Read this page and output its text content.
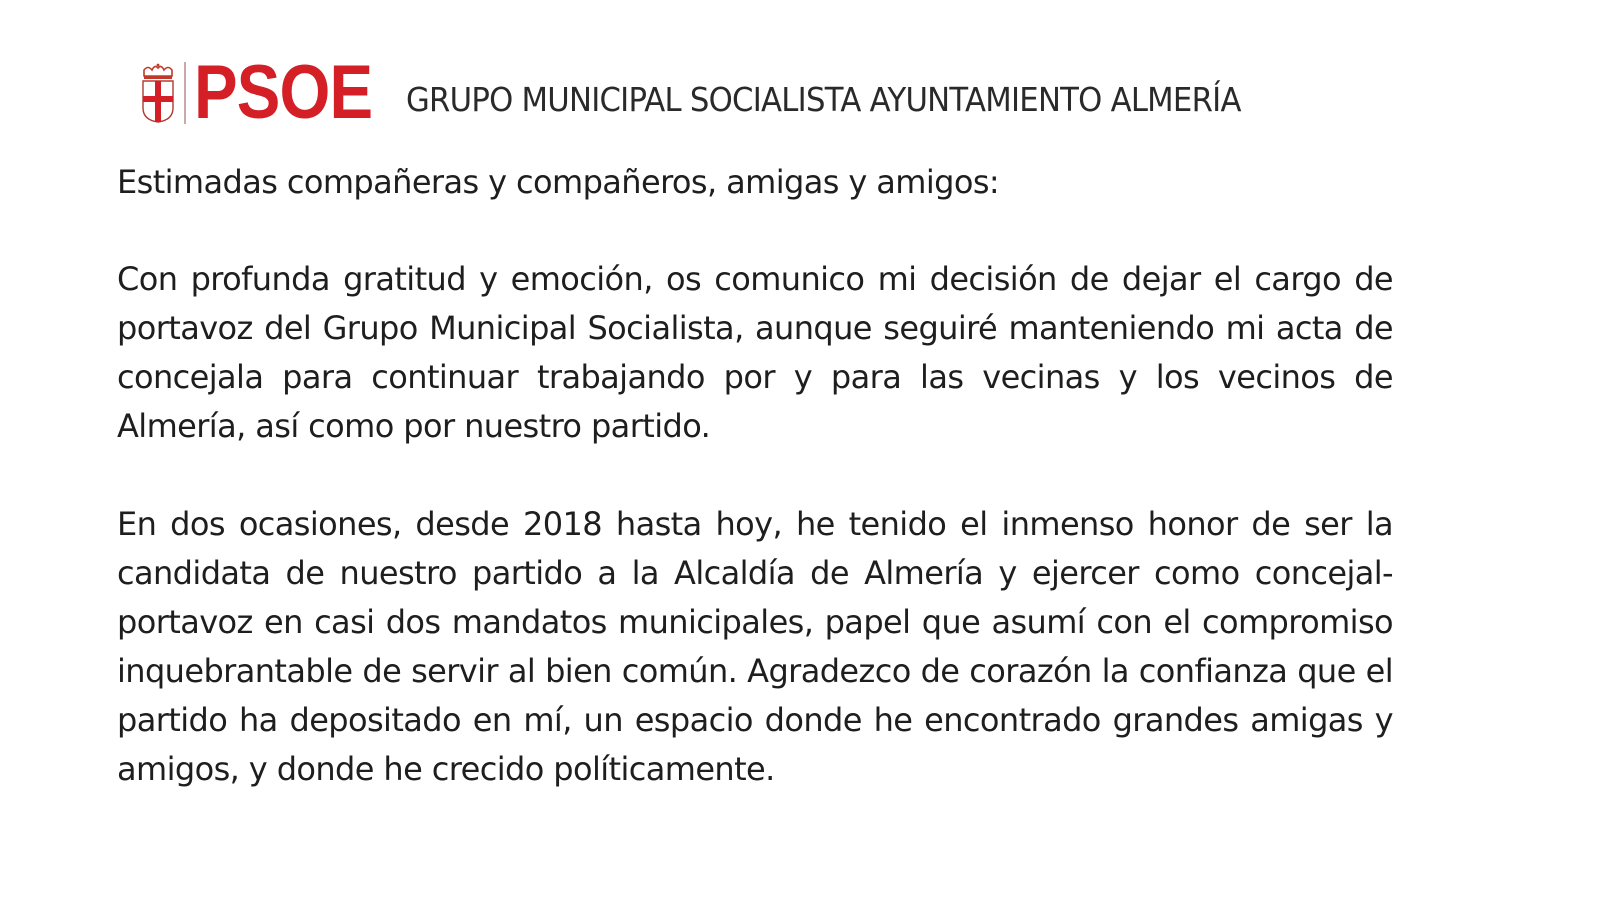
PSOE GRUPO MUNICIPAL SOCIALISTA AYUNTAMIENTO ALMERÍA

Estimadas compañeras y compañeros, amigas y amigos:

Con profunda gratitud y emoción, os comunico mi decisión de dejar el cargo de portavoz del Grupo Municipal Socialista, aunque seguiré manteniendo mi acta de concejala para continuar trabajando por y para las vecinas y los vecinos de Almería, así como por nuestro partido.

En dos ocasiones, desde 2018 hasta hoy, he tenido el inmenso honor de ser la candidata de nuestro partido a la Alcaldía de Almería y ejercer como concejal-portavoz en casi dos mandatos municipales, papel que asumí con el compromiso inquebrantable de servir al bien común. Agradezco de corazón la confianza que el partido ha depositado en mí, un espacio donde he encontrado grandes amigas y amigos, y donde he crecido políticamente.
